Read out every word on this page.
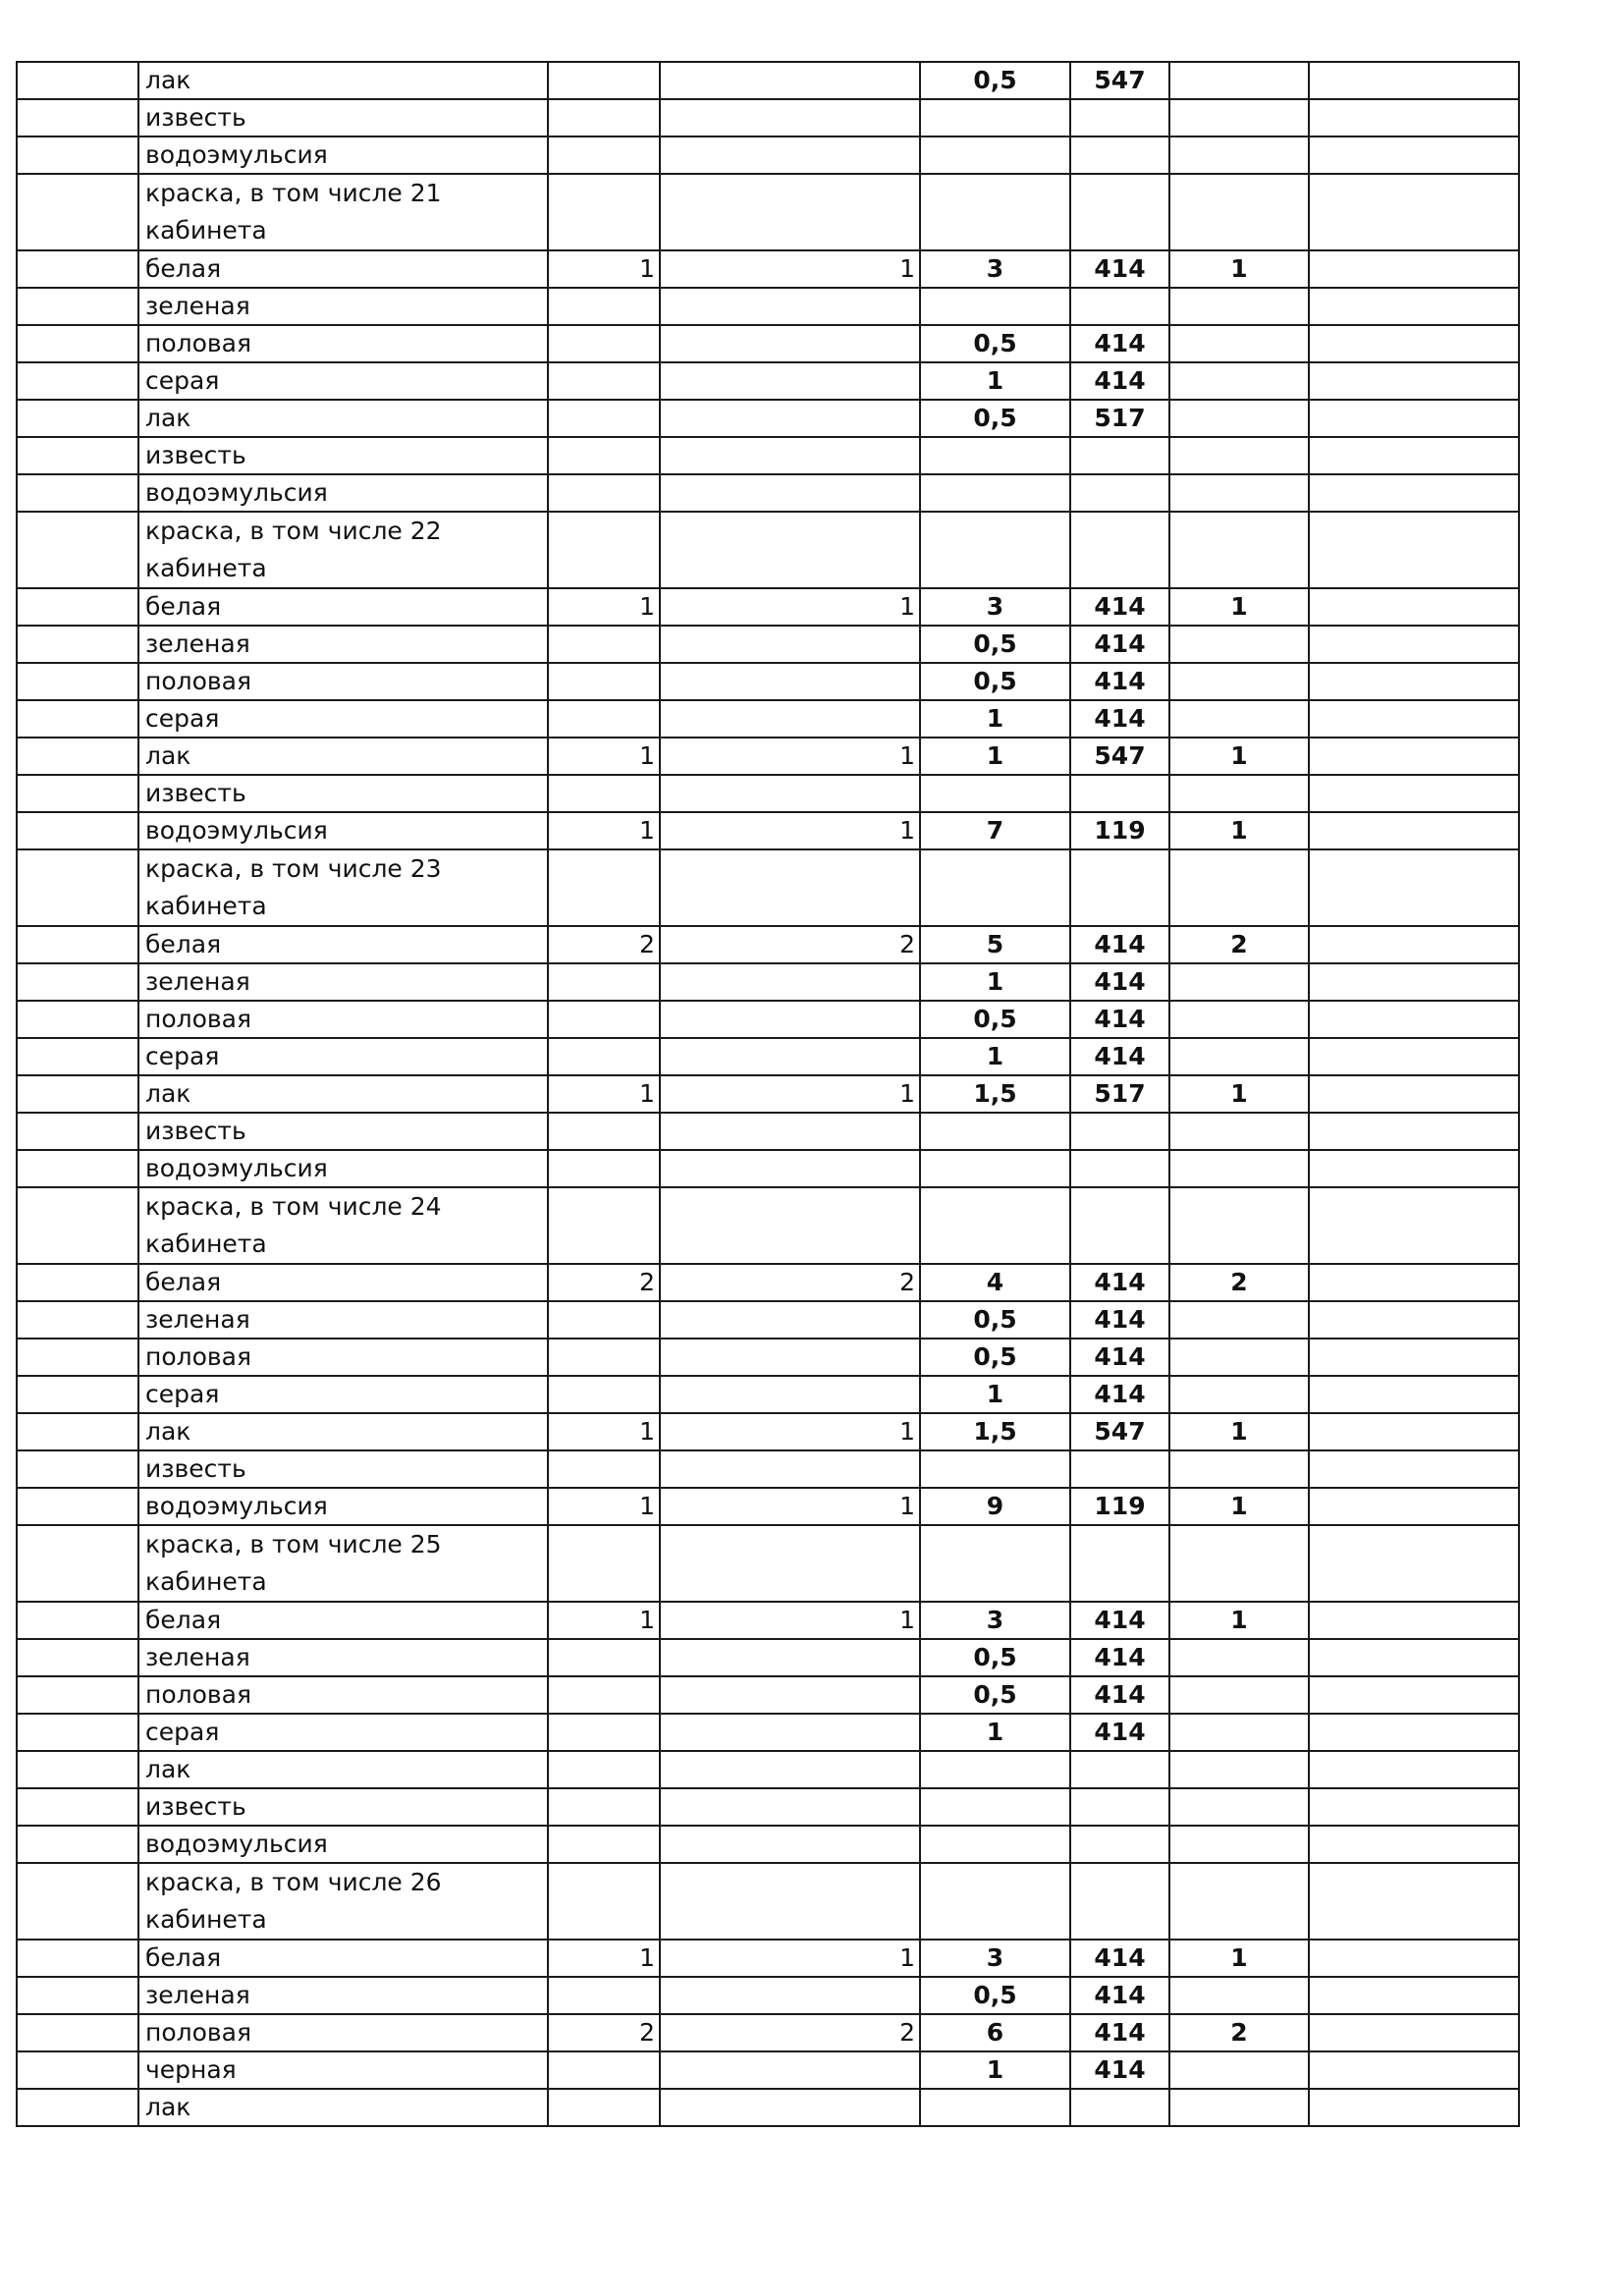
	лак			0,5	547		
	известь						
	водоэмульсия						
	краска, в том числе 21 кабинета						
	белая	1	1	3	414	1	
	зеленая						
	половая			0,5	414		
	серая			1	414		
	лак			0,5	517		
	известь						
	водоэмульсия						
	краска, в том числе 22 кабинета						
	белая	1	1	3	414	1	
	зеленая			0,5	414		
	половая			0,5	414		
	серая			1	414		
	лак	1	1	1	547	1	
	известь						
	водоэмульсия	1	1	7	119	1	
	краска, в том числе 23 кабинета						
	белая	2	2	5	414	2	
	зеленая			1	414		
	половая			0,5	414		
	серая			1	414		
	лак	1	1	1,5	517	1	
	известь						
	водоэмульсия						
	краска, в том числе 24 кабинета						
	белая	2	2	4	414	2	
	зеленая			0,5	414		
	половая			0,5	414		
	серая			1	414		
	лак	1	1	1,5	547	1	
	известь						
	водоэмульсия	1	1	9	119	1	
	краска, в том числе 25 кабинета						
	белая	1	1	3	414	1	
	зеленая			0,5	414		
	половая			0,5	414		
	серая			1	414		
	лак						
	известь						
	водоэмульсия						
	краска, в том числе 26 кабинета						
	белая	1	1	3	414	1	
	зеленая			0,5	414		
	половая	2	2	6	414	2	
	черная			1	414		
	лак						
